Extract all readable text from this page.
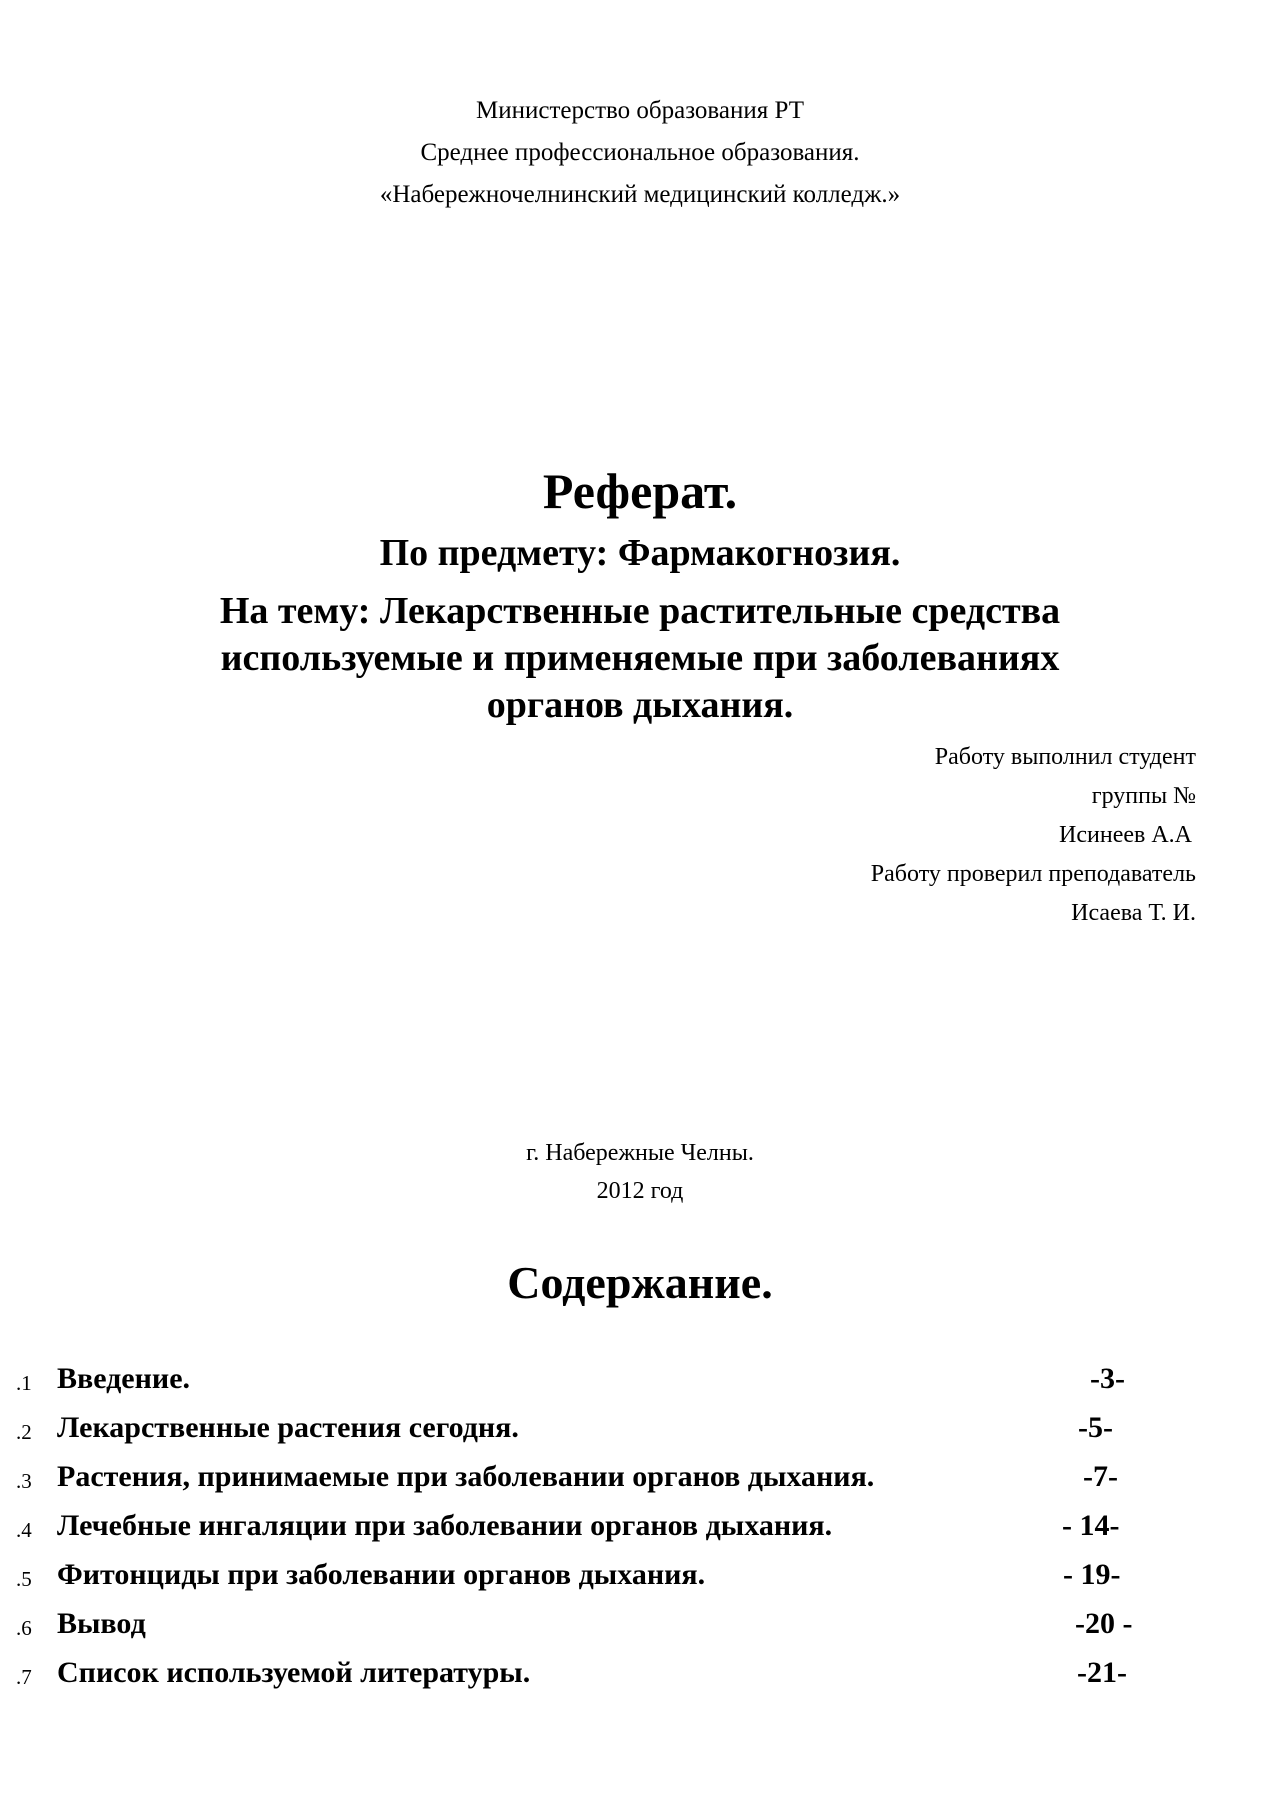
Министерство образования РТ
Среднее профессиональное образования.
«Набережночелнинский медицинский колледж.»
Реферат.
По предмету: Фармакогнозия.
На тему: Лекарственные растительные средства
используемые и применяемые при заболеваниях
органов дыхания.
Работу выполнил студент
группы №
Исинеев А.А
Работу проверил преподаватель
Исаева Т. И.
г. Набережные Челны.
2012 год
Содержание.
.1 Введение.	-3-
.2 Лекарственные растения сегодня.	-5-
.3 Растения, принимаемые при заболевании органов дыхания.	-7-
.4 Лечебные ингаляции при заболевании органов дыхания.	- 14-
.5 Фитонциды при заболевании органов дыхания.	- 19-
.6 Вывод	-20 -
.7 Список используемой литературы.	-21-
